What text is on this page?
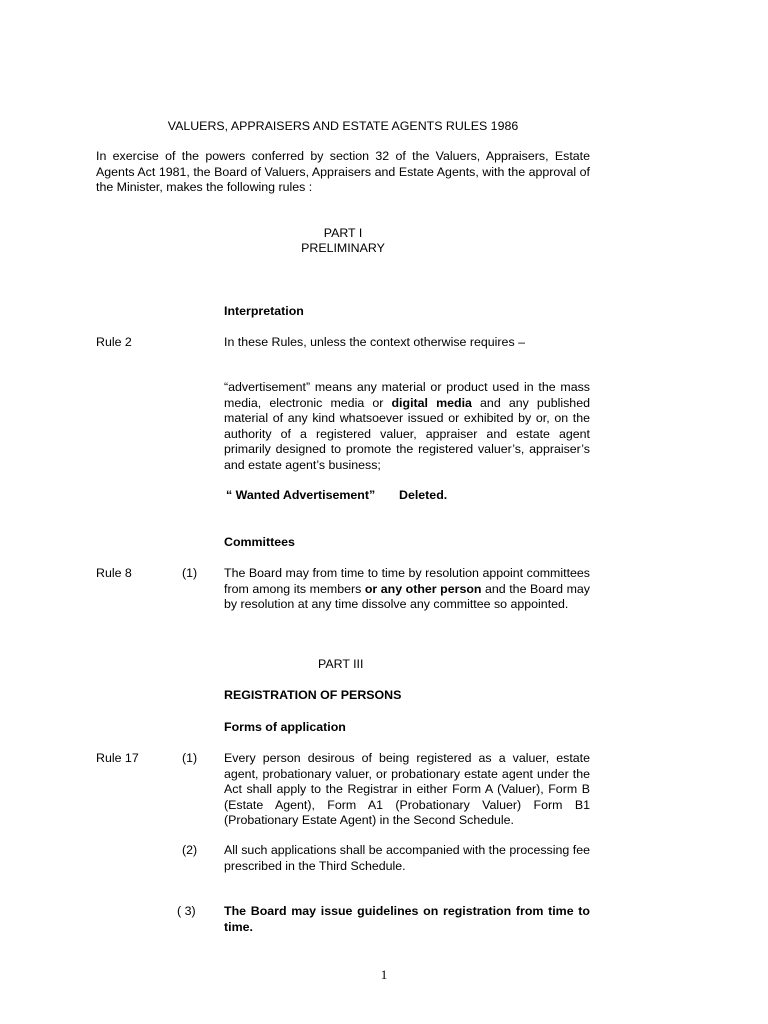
VALUERS, APPRAISERS AND ESTATE AGENTS RULES 1986
In exercise of the powers conferred by section 32 of the Valuers, Appraisers, Estate Agents Act 1981, the Board of Valuers, Appraisers and Estate Agents, with the approval of the Minister, makes the following rules :
PART I
PRELIMINARY
Interpretation
Rule 2	In these Rules, unless the context otherwise requires –
“advertisement” means any material or product used in the mass media, electronic media or digital media and any published material of any kind whatsoever issued or exhibited by or, on the authority of a registered valuer, appraiser and estate agent primarily designed to promote the registered valuer’s, appraiser’s and estate agent’s business;
“ Wanted Advertisement” Deleted.
Committees
Rule 8	(1) The Board may from time to time by resolution appoint committees from among its members or any other person and the Board may by resolution at any time dissolve any committee so appointed.
PART III
REGISTRATION OF PERSONS
Forms of application
Rule 17	(1) Every person desirous of being registered as a valuer, estate agent, probationary valuer, or probationary estate agent under the Act shall apply to the Registrar in either Form A (Valuer), Form B (Estate Agent), Form A1 (Probationary Valuer) Form B1 (Probationary Estate Agent) in the Second Schedule.
(2) All such applications shall be accompanied with the processing fee prescribed in the Third Schedule.
( 3) The Board may issue guidelines on registration from time to time.
1
